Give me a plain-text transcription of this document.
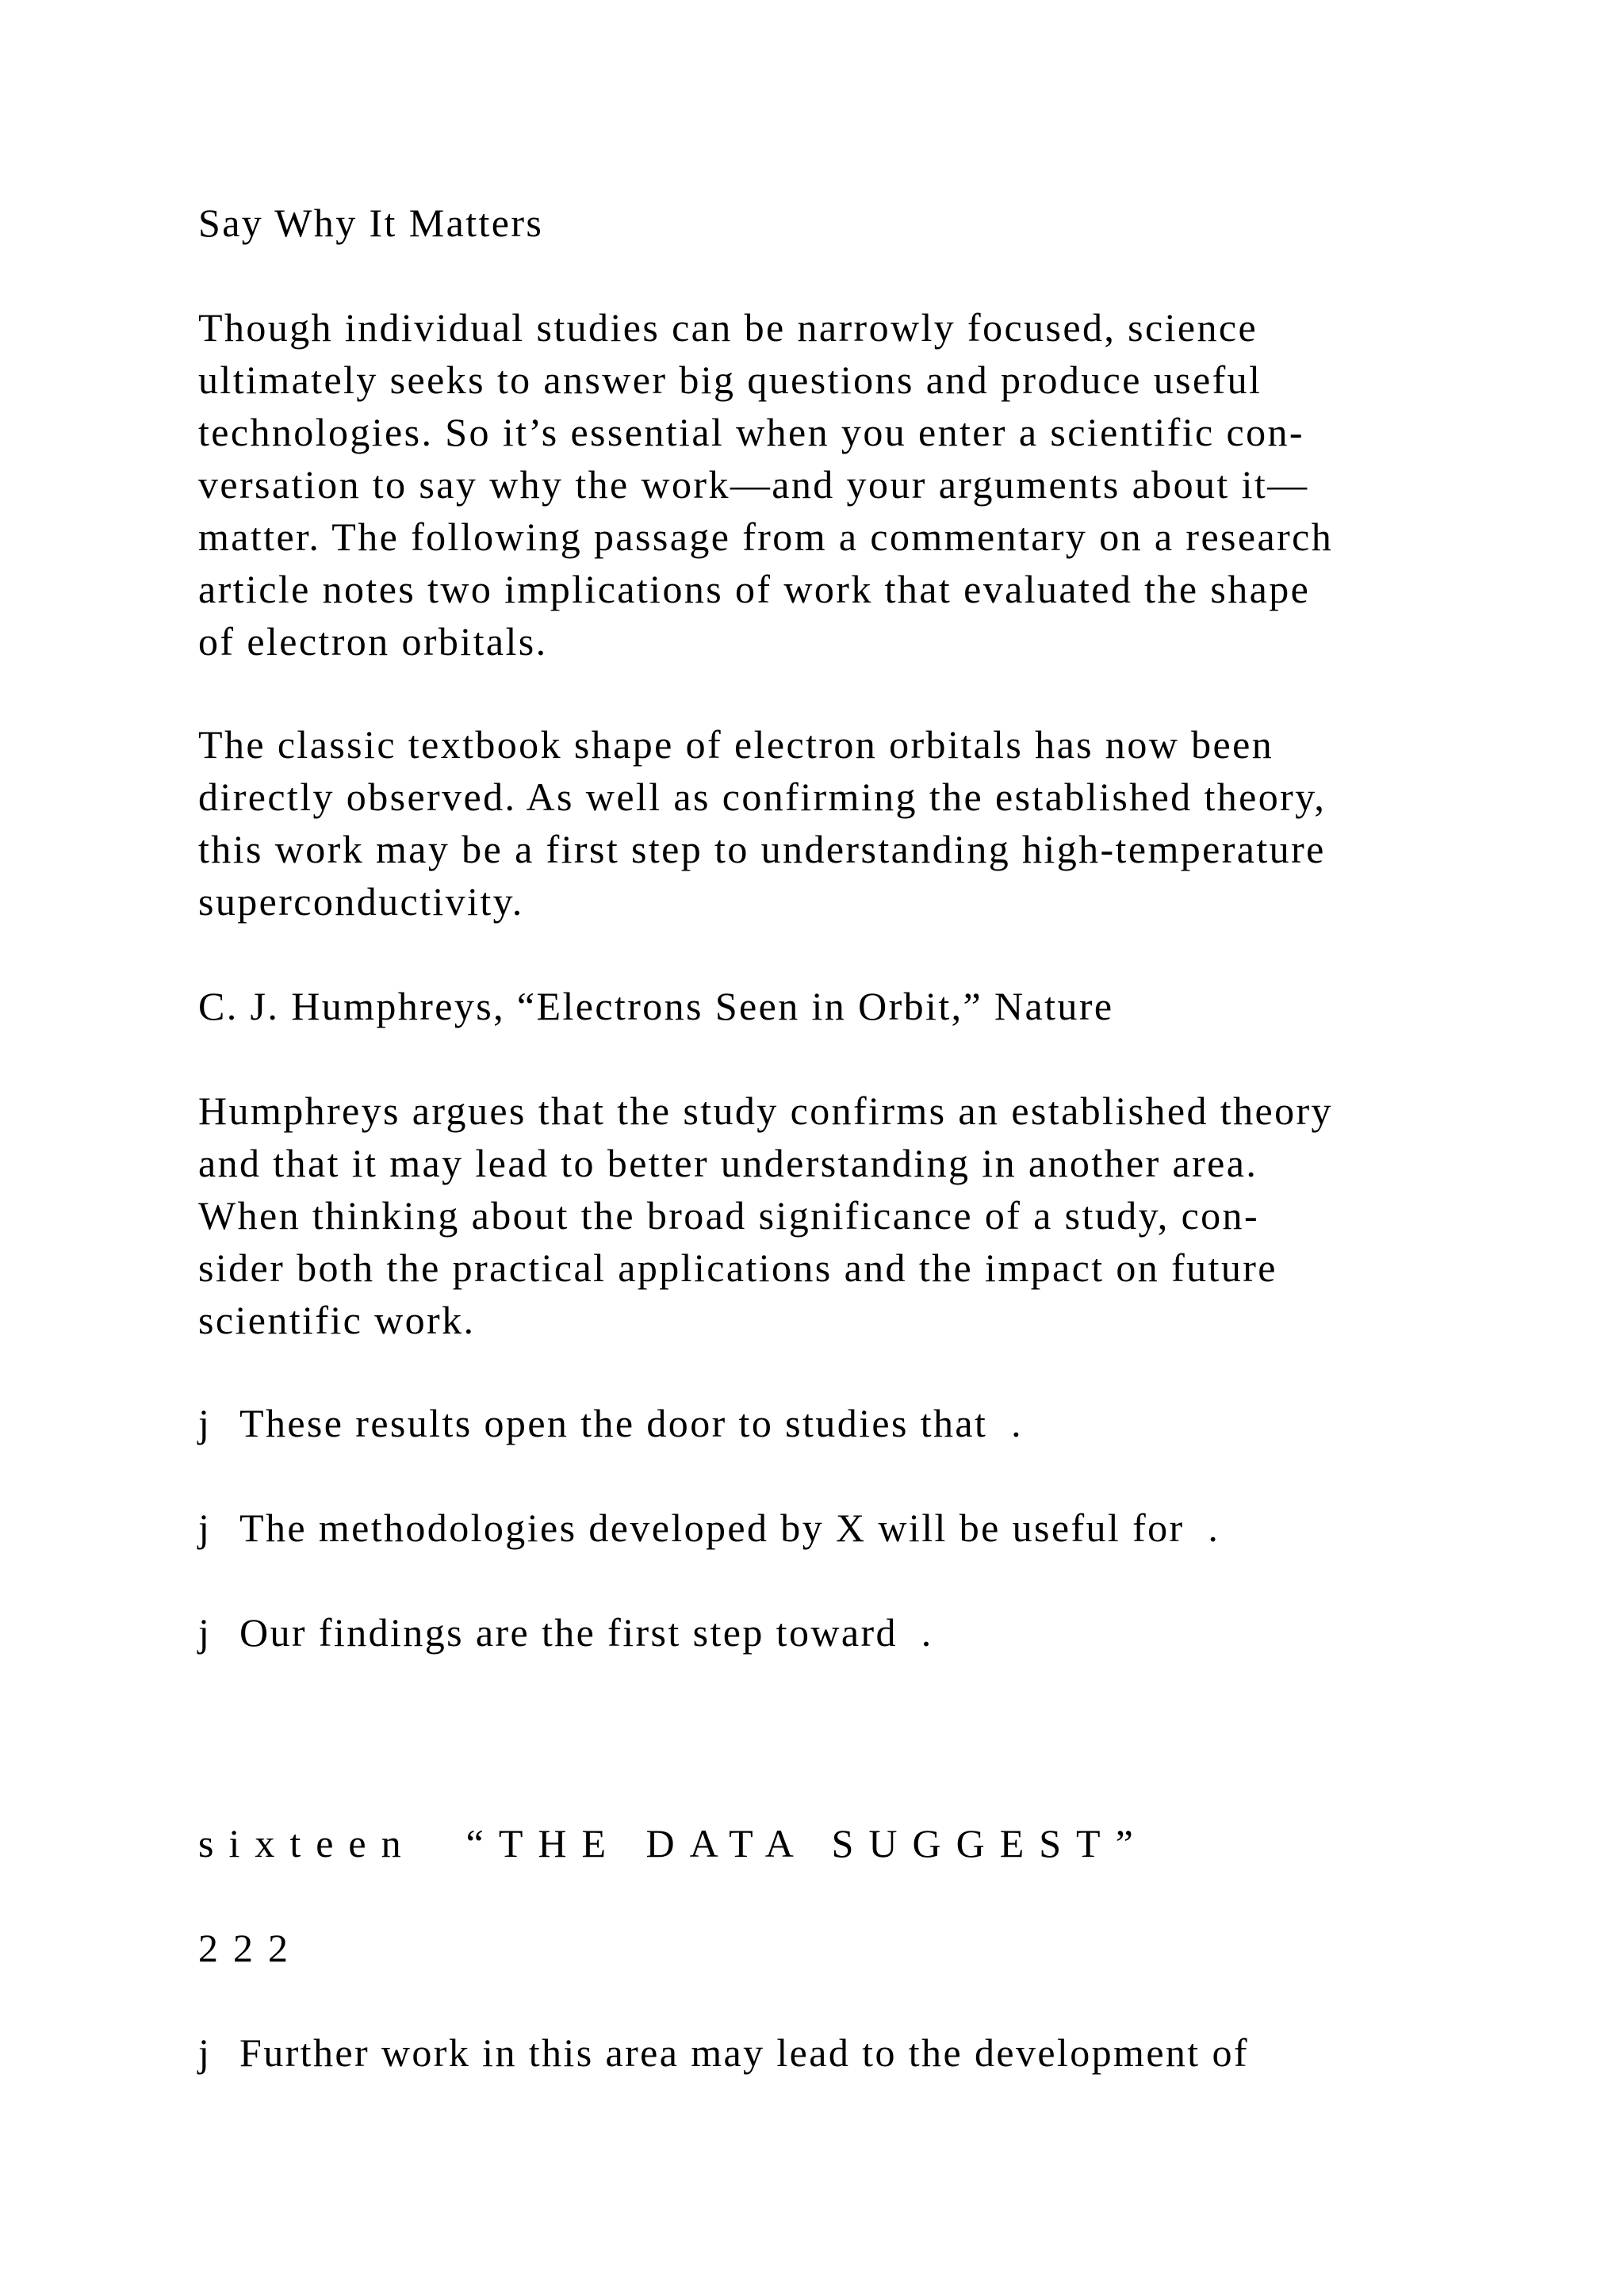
Say Why It Matters

Though individual studies can be narrowly focused, science
ultimately seeks to answer big questions and produce useful
technologies. So it’s essential when you enter a scientific con-
versation to say why the work—and your arguments about it—
matter. The following passage from a commentary on a research
article notes two implications of work that evaluated the shape
of electron orbitals.
The classic textbook shape of electron orbitals has now been
directly observed. As well as confirming the established theory,
this work may be a first step to understanding high-temperature
superconductivity.

C. J. Humphreys, “Electrons Seen in Orbit,” Nature

Humphreys argues that the study confirms an established theory
and that it may lead to better understanding in another area.
When thinking about the broad significance of a study, con-
sider both the practical applications and the impact on future
scientific work.

j These results open the door to studies that  .

j The methodologies developed by X will be useful for  .

j Our findings are the first step toward  .

sixteen  “THE DATA SUGGEST”

222

j Further work in this area may lead to the development of
